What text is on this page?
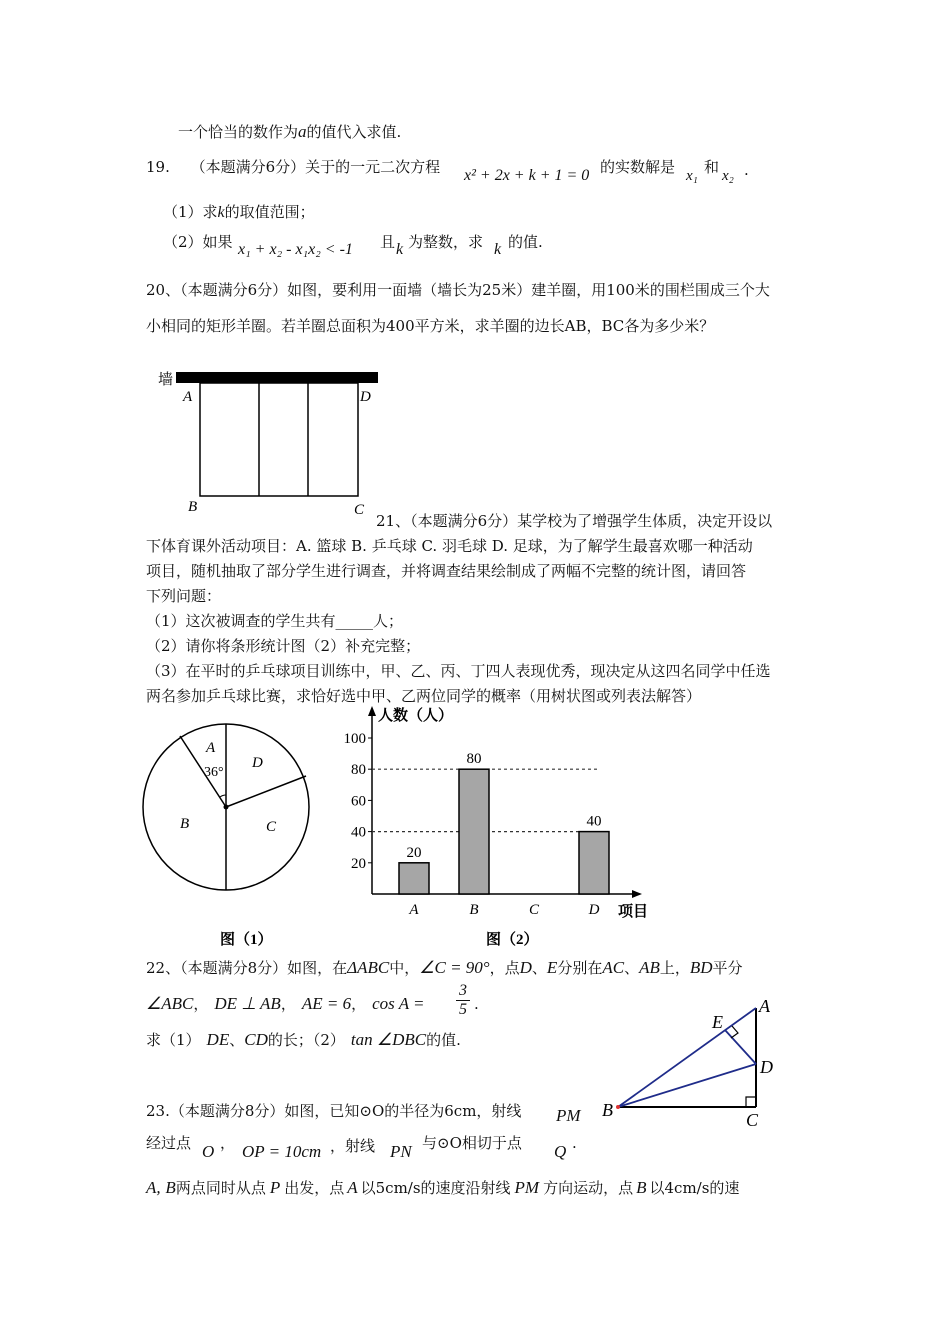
一个恰当的数作为a的值代入求值.
19. （本题满分6分）关于的一元二次方程 x² + 2x + k + 1 = 0 的实数解是 x₁ 和 x₂ .
（1）求k的取值范围；
（2）如果 x₁ + x₂ - x₁x₂ < -1 且 k 为整数，求 k 的值.
20、（本题满分6分）如图，要利用一面墙（墙长为25米）建羊圈，用100米的围栏围成三个大
小相同的矩形羊圈。若羊圈总面积为400平方米，求羊圈的边长AB，BC各为多少米？
墙
A	D
B	C
21、（本题满分6分）某学校为了增强学生体质，决定开设以
下体育课外活动项目：A. 篮球 B. 乒乓球 C. 羽毛球 D. 足球，为了解学生最喜欢哪一种活动
项目，随机抽取了部分学生进行调查，并将调查结果绘制成了两幅不完整的统计图，请回答
下列问题：
（1）这次被调查的学生共有_____人；
（2）请你将条形统计图（2）补充完整；
（3）在平时的乒乓球项目训练中，甲、乙、丙、丁四人表现优秀，现决定从这四名同学中任选
两名参加乒乓球比赛，求恰好选中甲、乙两位同学的概率（用树状图或列表法解答）
A
36°
D
B	C
图（1）
人数（人）
项目
20
40
60
80
100
20
A
80
B	C
40
D
图（2）
22、（本题满分8分）如图，在ΔABC中，∠C = 90°，点D、E分别在AC、AB上，BD平分
∠ABC， DE ⊥ AB， AE = 6， $\cos A = \frac{3}{5}$ .
求（1） DE、CD的长；（2） tan ∠DBC的值.
A
E
D
B	C
23.（本题满分8分）如图，已知⊙O的半径为6cm，射线 PM
经过点 O ， OP = 10cm ，射线 PN 与⊙O相切于点 Q .
A, B两点同时从点 P 出发，点 A 以5cm/s的速度沿射线 PM 方向运动，点 B 以4cm/s的速
